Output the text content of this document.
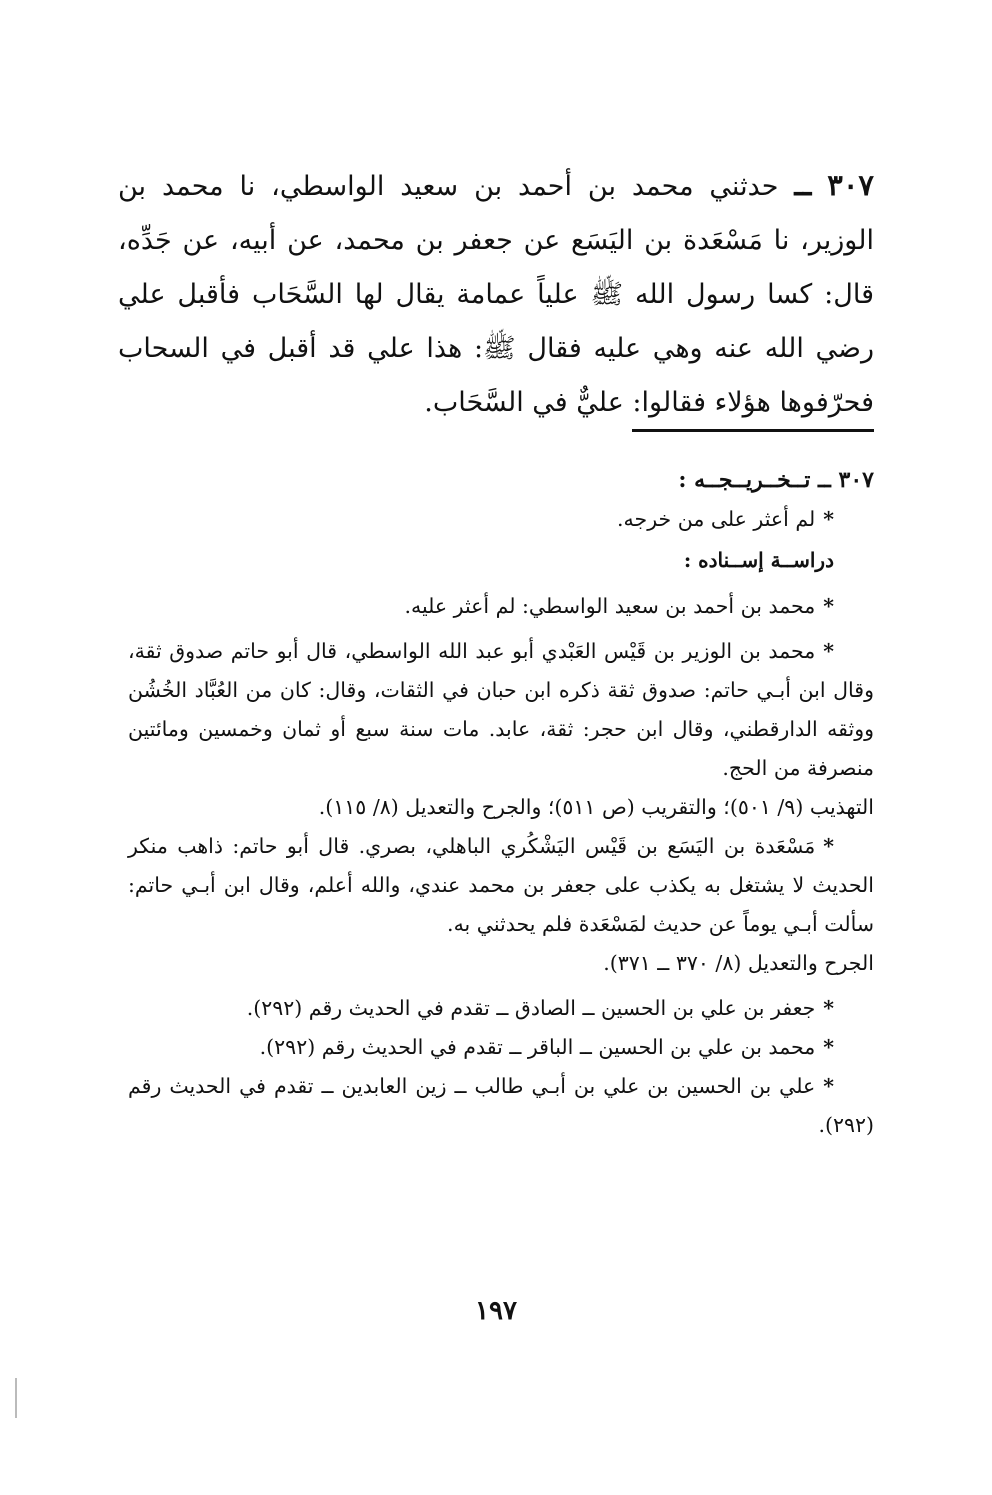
٣٠٧ ــ حدثني محمد بن أحمد بن سعيد الواسطي، نا محمد بن الوزير، نا مَسْعَدة بن اليَسَع عن جعفر بن محمد، عن أبيه، عن جَدِّه، قال: كسا رسول الله ﷺ علياً عمامة يقال لها السَّحَاب فأقبل علي رضي الله عنه وهي عليه فقال ﷺ: هذا علي قد أقبل في السحاب فحرّفوها هؤلاء فقالوا: عليٌّ في السَّحَاب.
٣٠٧ ــ تــخــريــجــه :
*لم أعثر على من خرجه.
دراســة إســناده :
*محمد بن أحمد بن سعيد الواسطي: لم أعثر عليه.
*محمد بن الوزير بن قَيْس العَبْدي أبو عبد الله الواسطي، قال أبو حاتم صدوق ثقة، وقال ابن أبـي حاتم: صدوق ثقة ذكره ابن حبان في الثقات، وقال: كان من العُبَّاد الخُشُن ووثقه الدارقطني، وقال ابن حجر: ثقة، عابد. مات سنة سبع أو ثمان وخمسين ومائتين منصرفة من الحج.
التهذيب (٩/ ٥٠١)؛ والتقريب (ص ٥١١)؛ والجرح والتعديل (٨/ ١١٥).
*مَسْعَدة بن اليَسَع بن قَيْس اليَشْكُري الباهلي، بصري. قال أبو حاتم: ذاهب منكر الحديث لا يشتغل به يكذب على جعفر بن محمد عندي، والله أعلم، وقال ابن أبـي حاتم: سألت أبـي يوماً عن حديث لمَسْعَدة فلم يحدثني به.
الجرح والتعديل (٨/ ٣٧٠ ــ ٣٧١).
*جعفر بن علي بن الحسين ــ الصادق ــ تقدم في الحديث رقم (٢٩٢).
*محمد بن علي بن الحسين ــ الباقر ــ تقدم في الحديث رقم (٢٩٢).
*علي بن الحسين بن علي بن أبـي طالب ــ زين العابدين ــ تقدم في الحديث رقم (٢٩٢).
١٩٧
